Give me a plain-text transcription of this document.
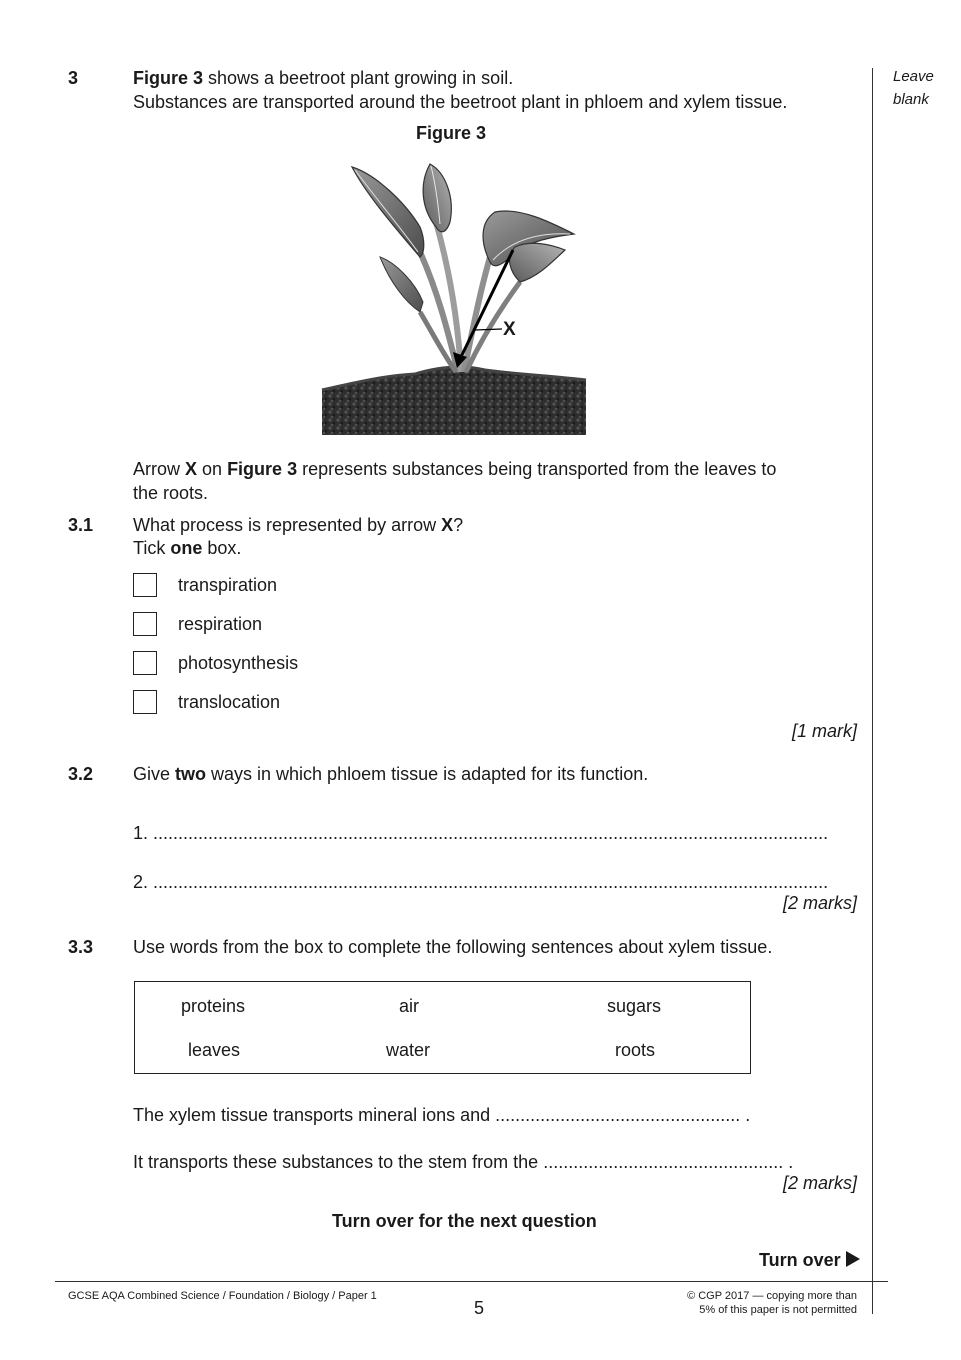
Leave
blank
3	Figure 3 shows a beetroot plant growing in soil.
Substances are transported around the beetroot plant in phloem and xylem tissue.
Figure 3
X
Arrow X on Figure 3 represents substances being transported from the leaves to
the roots.
3.1 What process is represented by arrow X?
Tick one box.
transpiration
respiration
photosynthesis
translocation
[1 mark]
3.2 Give two ways in which phloem tissue is adapted for its function.
1. .......................................................................................................................................
2. .......................................................................................................................................
[2 marks]
3.3 Use words from the box to complete the following sentences about xylem tissue.
proteins	air	sugars
leaves	water	roots
The xylem tissue transports mineral ions and ................................................. .
It transports these substances to the stem from the ................................................ .
[2 marks]
Turn over for the next question
Turn over
GCSE AQA Combined Science / Foundation / Biology / Paper 1
5
© CGP 2017 — copying more than
5% of this paper is not permitted
